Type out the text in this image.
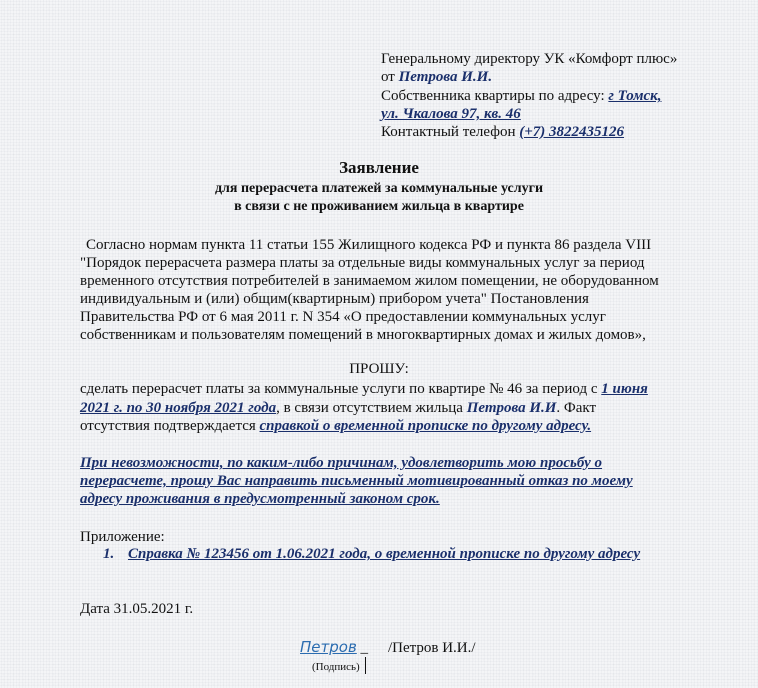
Генеральному директору УК «Комфорт плюс»
от Петрова И.И.
Собственника квартиры по адресу: г Томск,
ул. Чкалова 97, кв. 46
Контактный телефон (+7) 3822435126
Заявление
для перерасчета платежей за коммунальные услуги
в связи с не проживанием жильца в квартире
Согласно нормам пункта 11 статьи 155 Жилищного кодекса РФ и пункта 86 раздела VIII
"Порядок перерасчета размера платы за отдельные виды коммунальных услуг за период
временного отсутствия потребителей в занимаемом жилом помещении, не оборудованном
индивидуальным и (или) общим(квартирным) прибором учета" Постановления
Правительства РФ от 6 мая 2011 г. N 354 «О предоставлении коммунальных услуг
собственникам и пользователям помещений в многоквартирных домах и жилых домов»,
ПРОШУ:
сделать перерасчет платы за коммунальные услуги по квартире № 46 за период с 1 июня
2021 г. по 30 ноября 2021 года, в связи отсутствием жильца Петрова И.И. Факт
отсутствия подтверждается справкой о временной прописке по другому адресу.
При невозможности, по каким-либо причинам, удовлетворить мою просьбу о
перерасчете, прошу Вас направить письменный мотивированный отказ по моему
адресу проживания в предусмотренный законом срок.
Приложение:
1. Справка № 123456 от 1.06.2021 года, о временной прописке по другому адресу
Дата 31.05.2021 г.
Петров _ /Петров И.И./
(Подпись)
